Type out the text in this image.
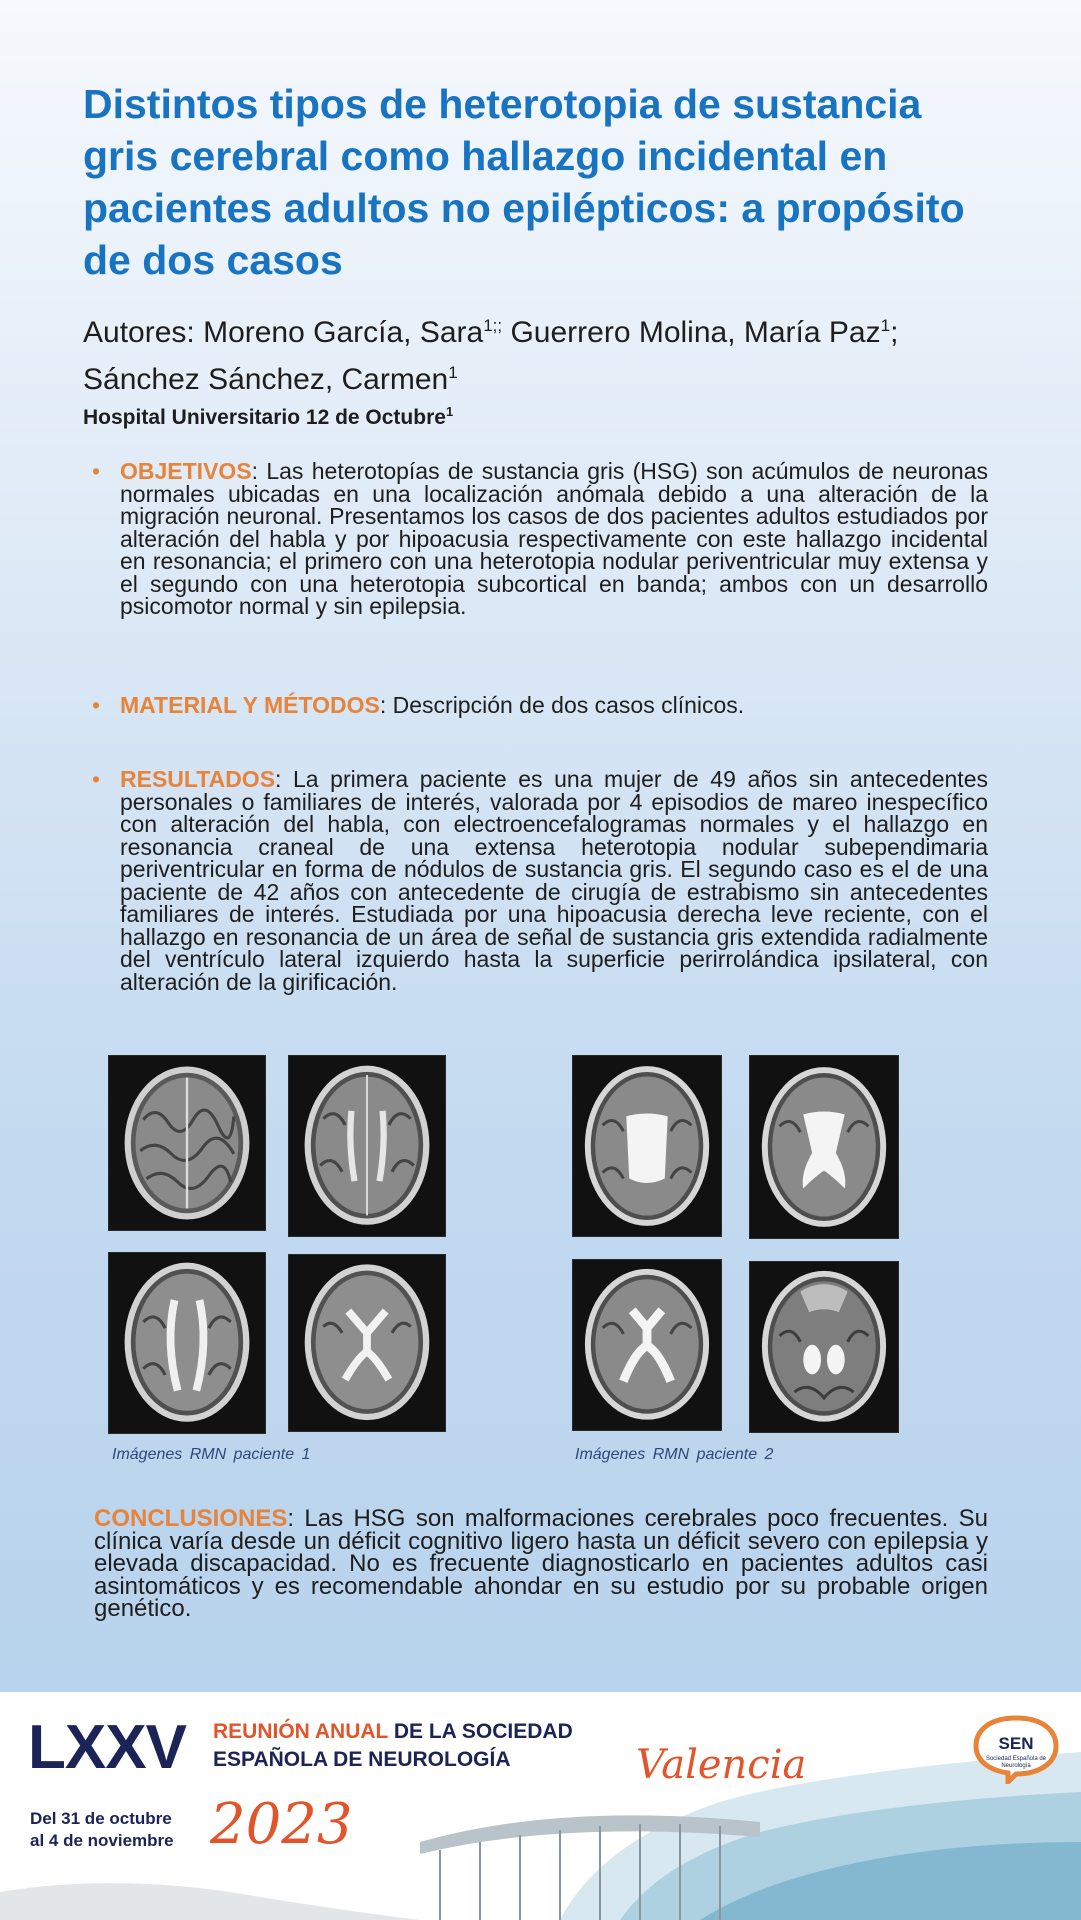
Distintos tipos de heterotopia de sustancia gris cerebral como hallazgo incidental en pacientes adultos no epilépticos: a propósito de dos casos
Autores: Moreno García, Sara$^{1;;}$ Guerrero Molina, María Paz$^1$; Sánchez Sánchez, Carmen$^1$
Hospital Universitario 12 de Octubre$^1$
• OBJETIVOS: Las heterotopías de sustancia gris (HSG) son acúmulos de neuronas normales ubicadas en una localización anómala debido a una alteración de la migración neuronal. Presentamos los casos de dos pacientes adultos estudiados por alteración del habla y por hipoacusia respectivamente con este hallazgo incidental en resonancia; el primero con una heterotopia nodular periventricular muy extensa y el segundo con una heterotopia subcortical en banda; ambos con un desarrollo psicomotor normal y sin epilepsia.
• MATERIAL Y MÉTODOS: Descripción de dos casos clínicos.
• RESULTADOS: La primera paciente es una mujer de 49 años sin antecedentes personales o familiares de interés, valorada por 4 episodios de mareo inespecífico con alteración del habla, con electroencefalogramas normales y el hallazgo en resonancia craneal de una extensa heterotopia nodular subependimaria periventricular en forma de nódulos de sustancia gris. El segundo caso es el de una paciente de 42 años con antecedente de cirugía de estrabismo sin antecedentes familiares de interés. Estudiada por una hipoacusia derecha leve reciente, con el hallazgo en resonancia de un área de señal de sustancia gris extendida radialmente del ventrículo lateral izquierdo hasta la superficie perirrolándica ipsilateral, con alteración de la girificación.
Imágenes RMN paciente 1	Imágenes RMN paciente 2
CONCLUSIONES: Las HSG son malformaciones cerebrales poco frecuentes. Su clínica varía desde un déficit cognitivo ligero hasta un déficit severo con epilepsia y elevada discapacidad. No es frecuente diagnosticarlo en pacientes adultos casi asintomáticos y es recomendable ahondar en su estudio por su probable origen genético.
LXXV REUNIÓN ANUAL DE LA SOCIEDAD
ESPAÑOLA DE NEUROLOGÍA
Del 31 de octubre
al 4 de noviembre 2023
Valencia	SEN
Sociedad Española de Neurología
